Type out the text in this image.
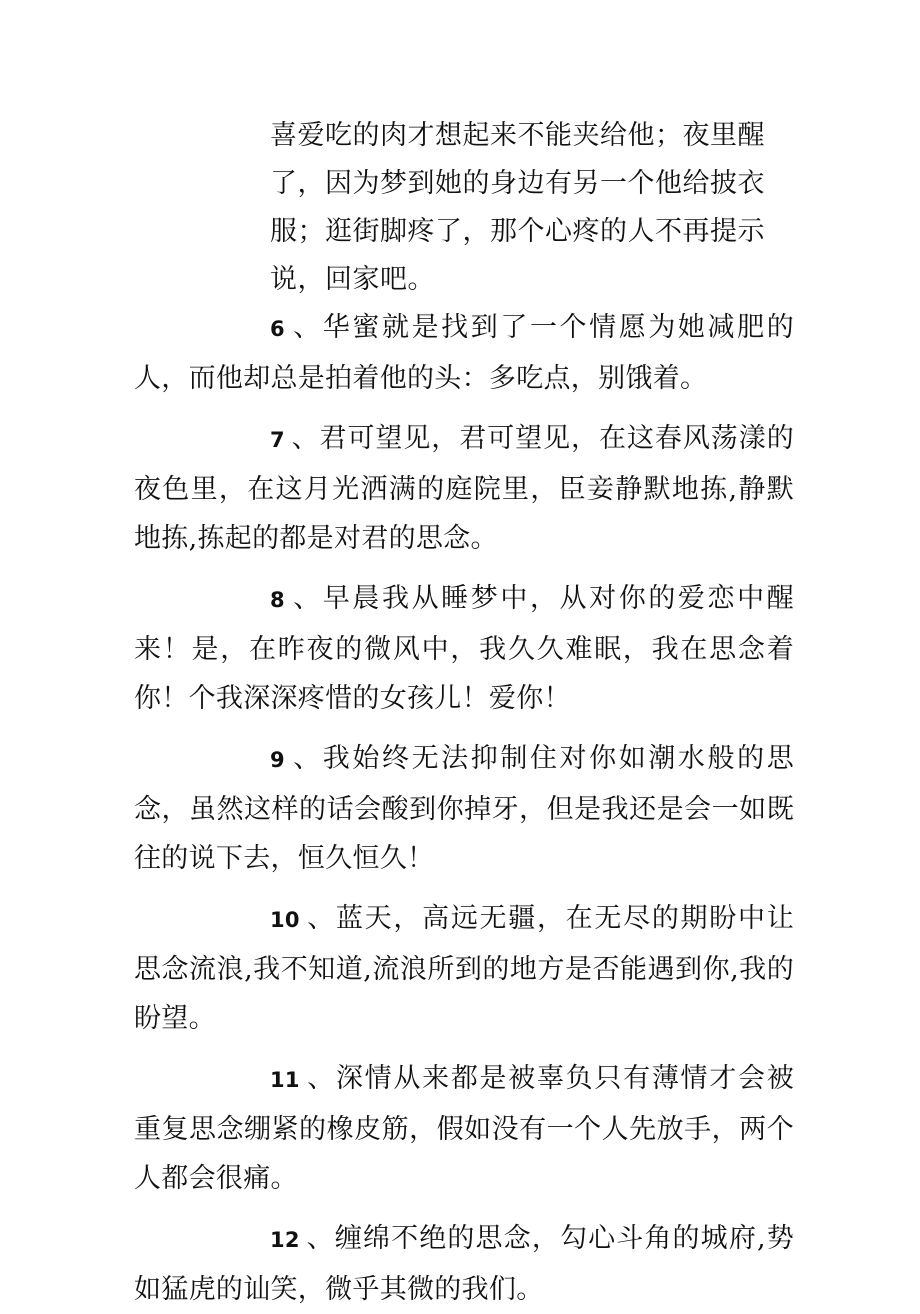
喜爱吃的肉才想起来不能夹给他；夜里醒
了，因为梦到她的身边有另一个他给披衣
服；逛街脚疼了，那个心疼的人不再提示
说，回家吧。

6 、华蜜就是找到了一个情愿为她减肥的人，而他却总是拍着他的头：多吃点，别饿着。

7 、君可望见，君可望见，在这春风荡漾的夜色里，在这月光洒满的庭院里，臣妾静默地拣,静默地拣,拣起的都是对君的思念。

8 、早晨我从睡梦中，从对你的爱恋中醒来！是，在昨夜的微风中，我久久难眠，我在思念着你！个我深深疼惜的女孩儿！爱你！

9 、我始终无法抑制住对你如潮水般的思念，虽然这样的话会酸到你掉牙，但是我还是会一如既往的说下去，恒久恒久！

10 、蓝天，高远无疆，在无尽的期盼中让思念流浪,我不知道,流浪所到的地方是否能遇到你,我的盼望。

11 、深情从来都是被辜负只有薄情才会被重复思念绷紧的橡皮筋，假如没有一个人先放手，两个人都会很痛。

12 、缠绵不绝的思念，勾心斗角的城府,势如猛虎的讪笑，微乎其微的我们。
